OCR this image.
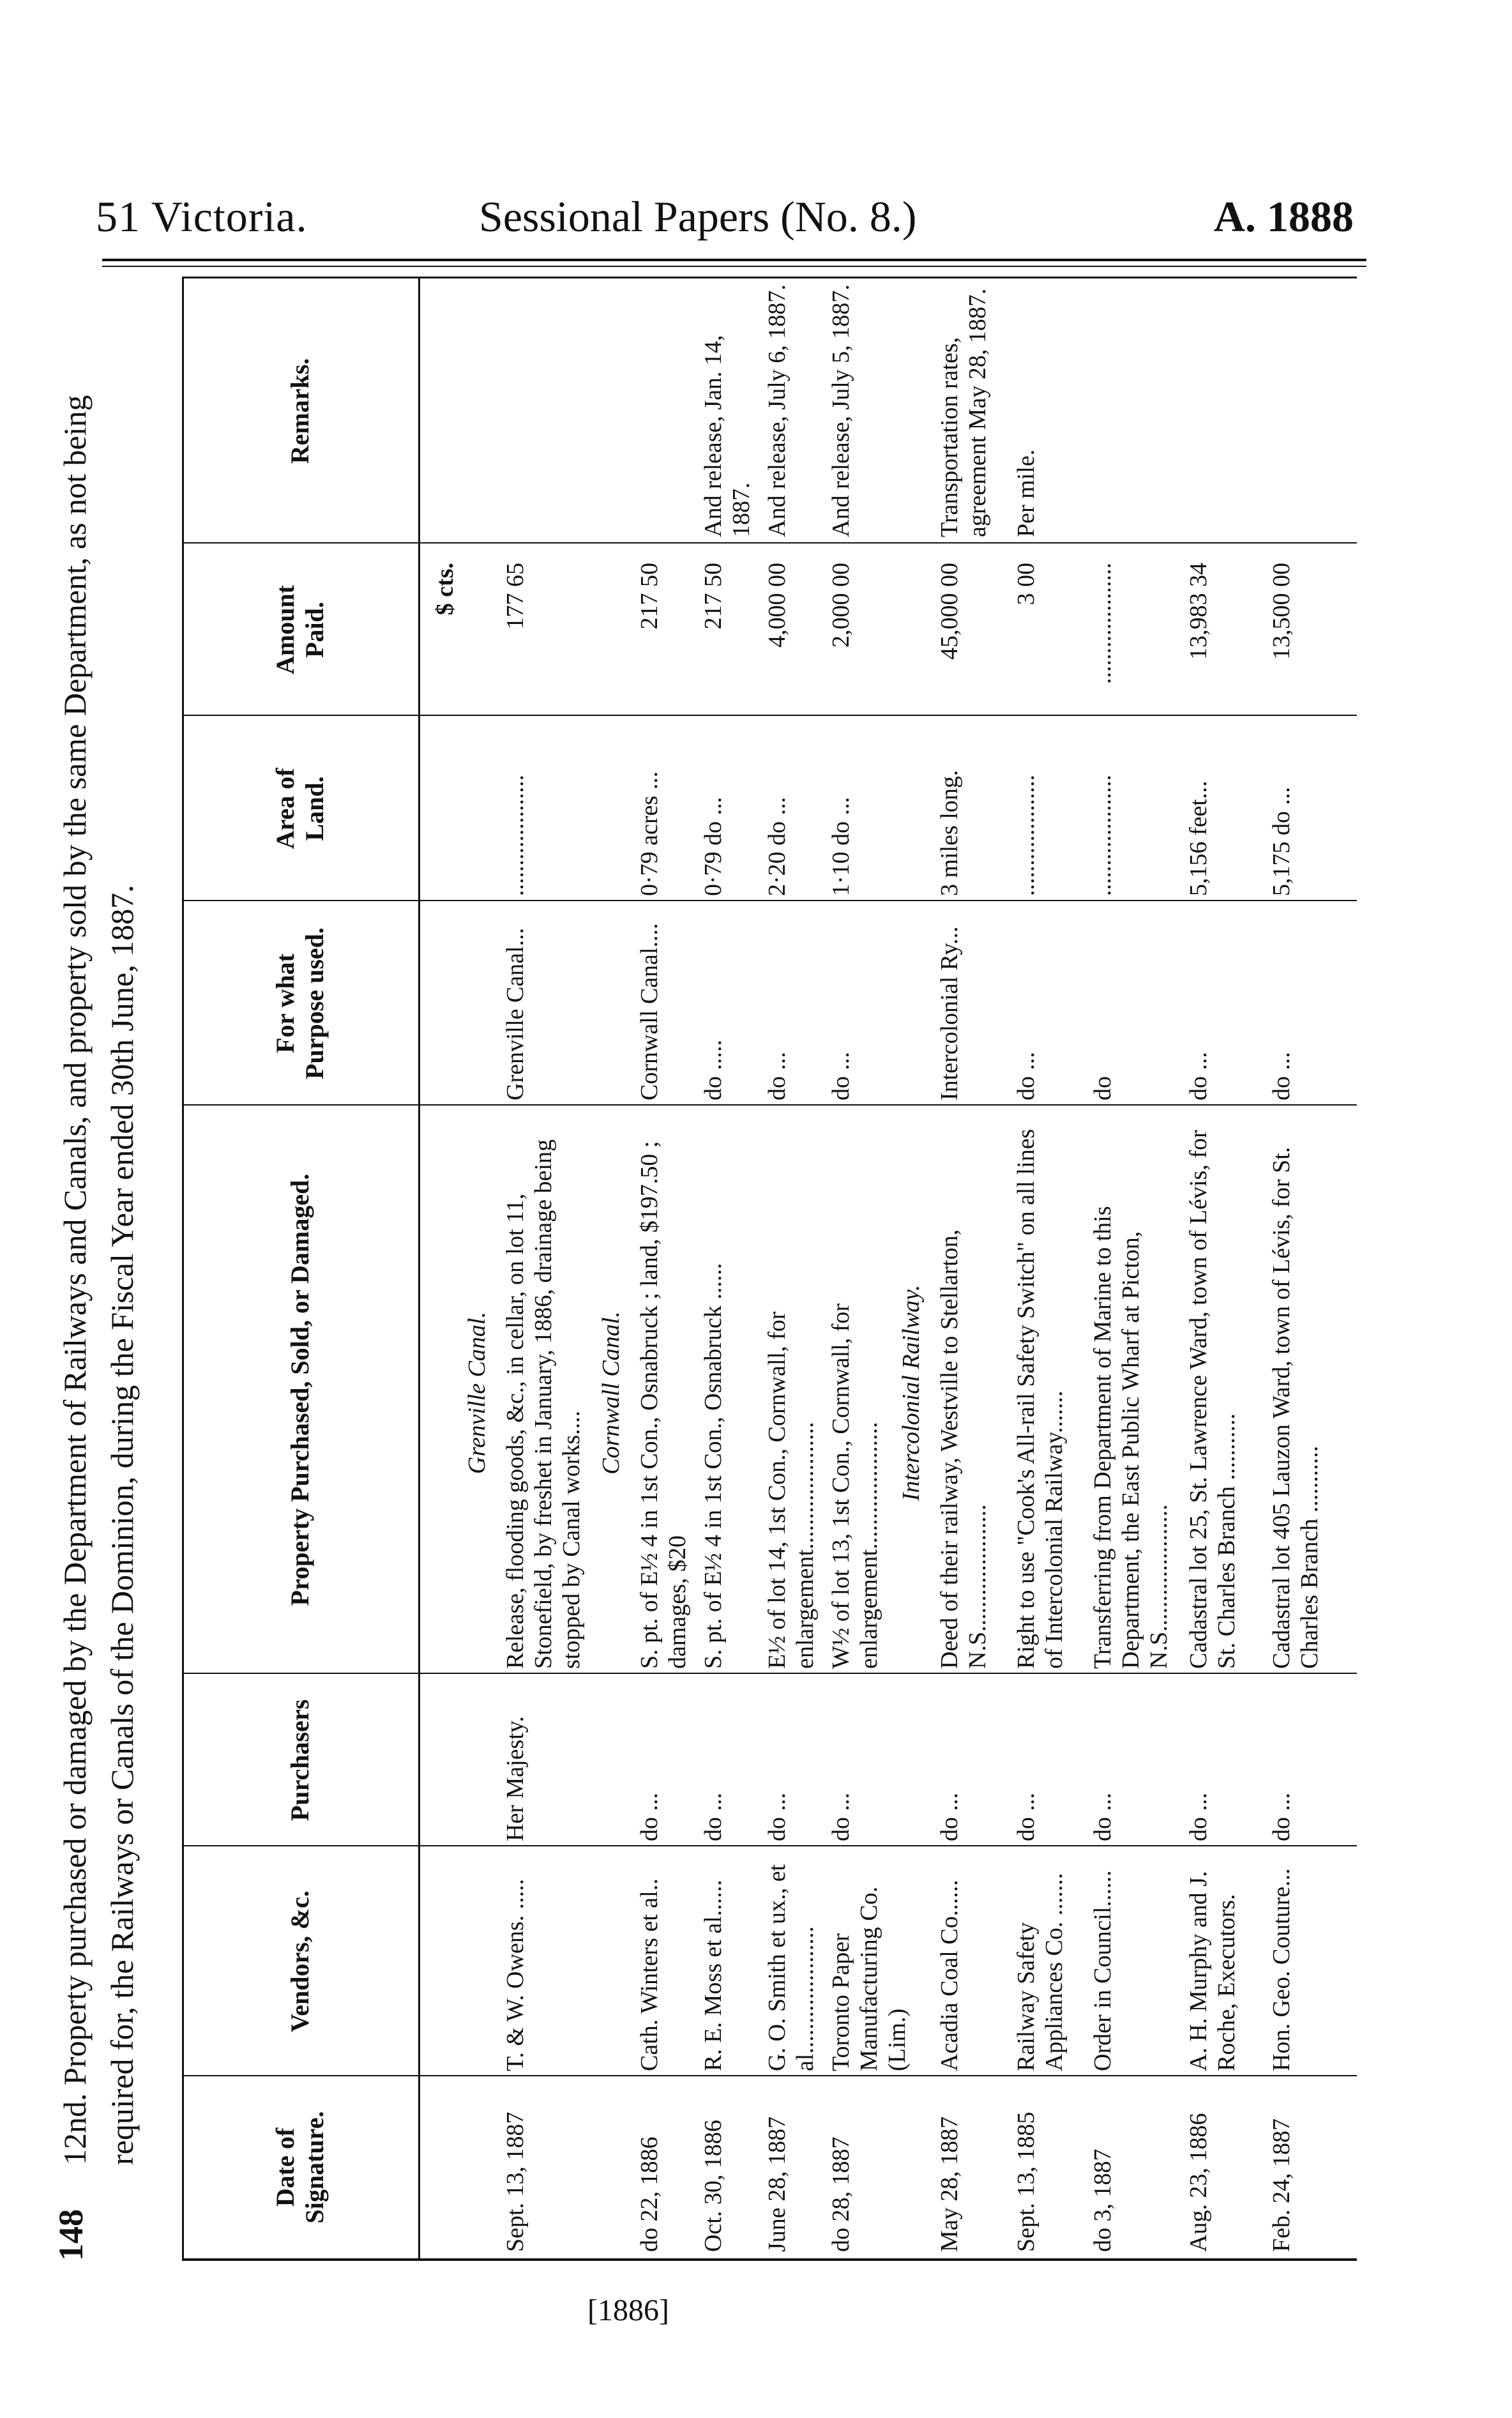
51 Victoria.	Sessional Papers (No. 8.)	A. 1888
148
12nd. Property purchased or damaged by the Department of Railways and Canals, and property sold by the same Department, as not being required for, the Railways or Canals of the Dominion, during the Fiscal Year ended 30th June, 1887.
Date of
Signature.
Vendors, &c.
Purchasers
Property Purchased, Sold, or Damaged.
For what
Purpose used.
Area of
Land.
Amount
Paid.
Remarks.
$ cts.
Grenville Canal.
Sept. 13, 1887
T. & W. Owens. .....
Her Majesty.
Release, flooding goods, &c., in cellar, on lot 11, Stonefield, by freshet in January, 1886, drainage being stopped by Canal works....
Grenville Canal...
....................
177 65
Cornwall Canal.
do 22, 1886
Cath. Winters et al..
do ...
S. pt. of E½ 4 in 1st Con., Osnabruck ; land, $197.50 ; damages, $20
Cornwall Canal....
0·79 acres ...
217 50
Oct. 30, 1886
R. E. Moss et al......
do ...
S. pt. of E½ 4 in 1st Con., Osnabruck ......
do .....
0·79 do ...
217 50
And release, Jan. 14, 1887.
June 28, 1887
G. O. Smith et ux., et al.....................
do ...
E½ of lot 14, 1st Con., Cornwall, for enlargement.....................
do ...
2·20 do ...
4,000 00
And release, July 6, 1887.
do 28, 1887
Toronto Paper Manufacturing Co. (Lim.)
do ...
W½ of lot 13, 1st Con., Cornwall, for enlargement.....................
do ...
1·10 do ...
2,000 00
And release, July 5, 1887.
Intercolonial Railway.
May 28, 1887
Acadia Coal Co......
do ...
Deed of their railway, Westville to Stellarton, N.S.....................
Intercolonial Ry...
3 miles long.
45,000 00
Transportation rates, agreement May 28, 1887.
Sept. 13, 1885
Railway Safety Appliances Co. .......
do ...
Right to use "Cook's All-rail Safety Switch" on all lines of Intercolonial Railway.......
do ...
....................
3 00
Per mile.
do 3, 1887
Order in Council......
do ...
Transferring from Department of Marine to this Department, the East Public Wharf at Picton, N.S.....................
do
....................
....................
Aug. 23, 1886
A. H. Murphy and J. Roche, Executors.
do ...
Cadastral lot 25, St. Lawrence Ward, town of Lévis, for St. Charles Branch ...........
do ...
5,156 feet...
13,983 34
Feb. 24, 1887
Hon. Geo. Couture...
do ...
Cadastral lot 405 Lauzon Ward, town of Lévis, for St. Charles Branch ...........
do ...
5,175 do ...
13,500 00
[1886]
